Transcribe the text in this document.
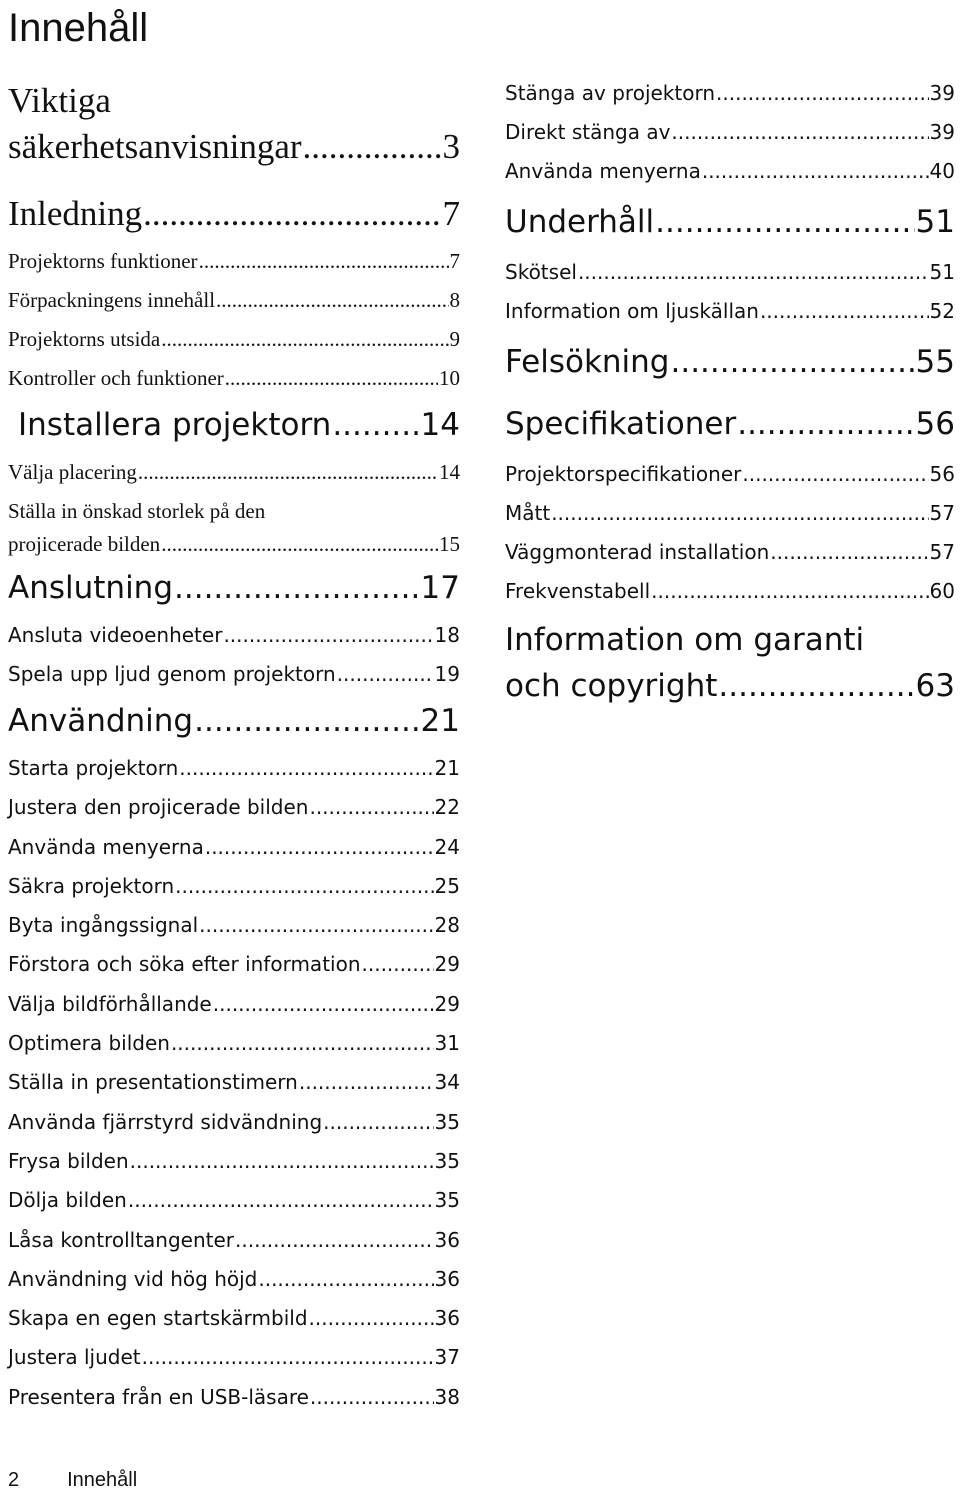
Innehåll
Viktiga
säkerhetsanvisningar .....	3
Inledning .....	7
Projektorns funktioner .....	7
Förpackningens innehåll .....	8
Projektorns utsida .....	9
Kontroller och funktioner .....	10
Installera projektorn .....	14
Välja placering .....	14
Ställa in önskad storlek på den
projicerade bilden .....	15
Anslutning .....	17
Ansluta videoenheter .....	18
Spela upp ljud genom projektorn .....	19
Användning .....	21
Starta projektorn .....	21
Justera den projicerade bilden .....	22
Använda menyerna .....	24
Säkra projektorn .....	25
Byta ingångssignal .....	28
Förstora och söka efter information .....	29
Välja bildförhållande .....	29
Optimera bilden .....	31
Ställa in presentationstimern .....	34
Använda fjärrstyrd sidvändning .....	35
Frysa bilden .....	35
Dölja bilden .....	35
Låsa kontrolltangenter .....	36
Användning vid hög höjd .....	36
Skapa en egen startskärmbild .....	36
Justera ljudet .....	37
Presentera från en USB-läsare .....	38
Stänga av projektorn .....	39
Direkt stänga av .....	39
Använda menyerna .....	40
Underhåll .....	51
Skötsel .....	51
Information om ljuskällan .....	52
Felsökning .....	55
Specifikationer .....	56
Projektorspecifikationer .....	56
Mått .....	57
Väggmonterad installation .....	57
Frekvenstabell .....	60
Information om garanti
och copyright .....	63
2 Innehåll
